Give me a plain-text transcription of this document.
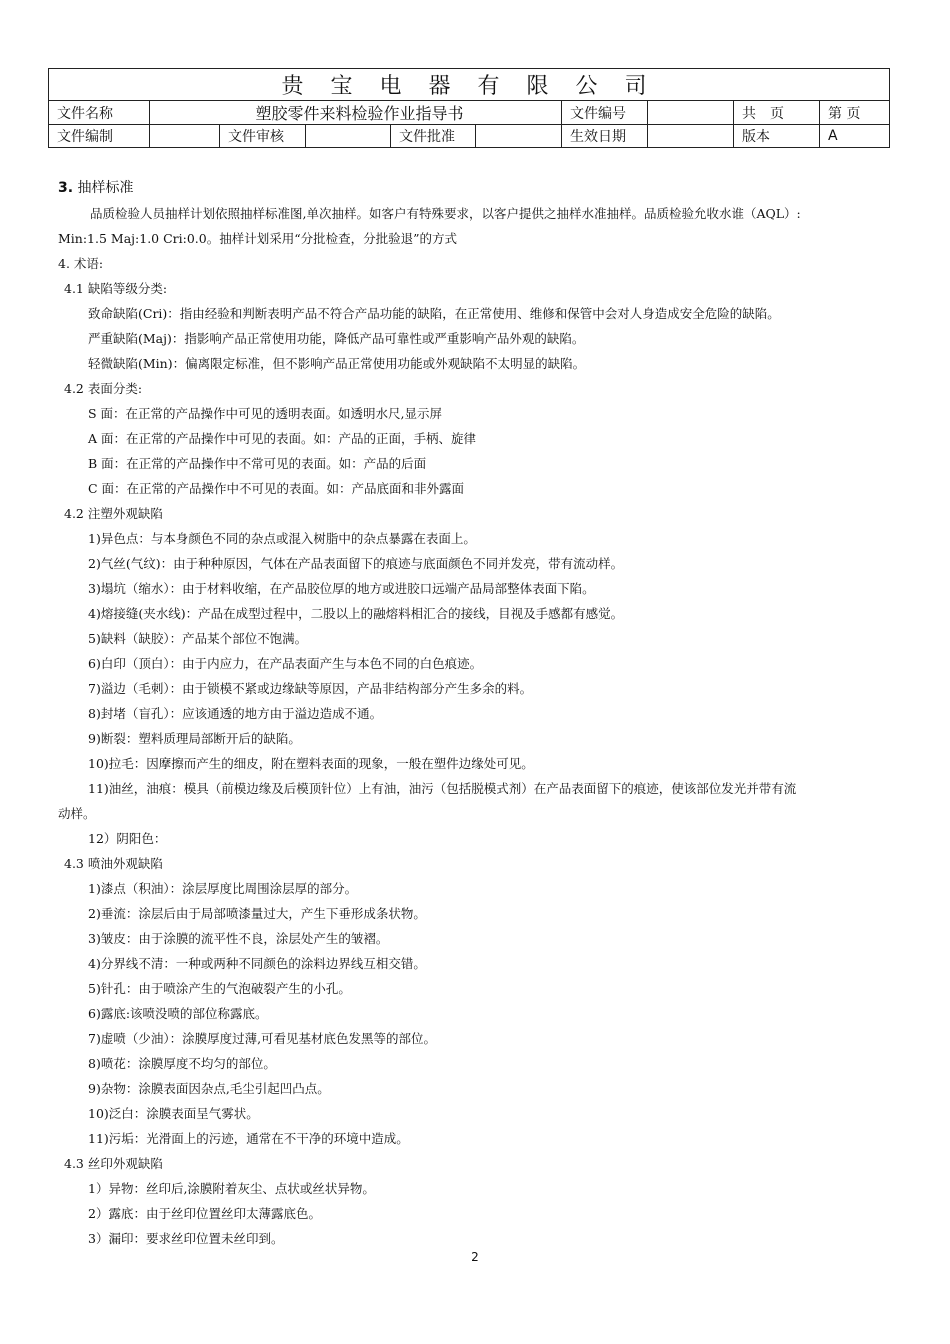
贵 宝 电 器 有 限 公 司									
文件名称	塑胶零件来料检验作业指导书					文件编号		共　页	第 页
文件编制		文件审核		文件批准		生效日期		版本	A
3. 抽样标准
品质检验人员抽样计划依照抽样标准图,单次抽样。如客户有特殊要求，以客户提供之抽样水准抽样。品质检验允收水谁（AQL）:
Min:1.5 Maj:1.0 Cri:0.0。抽样计划采用“分批检查，分批验退”的方式
4. 术语:
4.1 缺陷等级分类:
致命缺陷(Cri)：指由经验和判断表明产品不符合产品功能的缺陷，在正常使用、维修和保管中会对人身造成安全危险的缺陷。
严重缺陷(Maj)：指影响产品正常使用功能，降低产品可靠性或严重影响产品外观的缺陷。
轻微缺陷(Min)：偏离限定标准，但不影响产品正常使用功能或外观缺陷不太明显的缺陷。
4.2 表面分类:
S 面：在正常的产品操作中可见的透明表面。如透明水尺,显示屏
A 面：在正常的产品操作中可见的表面。如：产品的正面，手柄、旋律
B 面：在正常的产品操作中不常可见的表面。如：产品的后面
C 面：在正常的产品操作中不可见的表面。如：产品底面和非外露面
4.2 注塑外观缺陷
1)异色点：与本身颜色不同的杂点或混入树脂中的杂点暴露在表面上。
2)气丝(气纹)：由于种种原因，气体在产品表面留下的痕迹与底面颜色不同并发亮，带有流动样。
3)塌坑（缩水）：由于材料收缩，在产品胶位厚的地方或进胶口远端产品局部整体表面下陷。
4)熔接缝(夹水线)：产品在成型过程中，二股以上的融熔料相汇合的接线，目视及手感都有感觉。
5)缺料（缺胶）：产品某个部位不饱满。
6)白印（顶白）：由于内应力，在产品表面产生与本色不同的白色痕迹。
7)溢边（毛刺）：由于锁模不紧或边缘缺等原因，产品非结构部分产生多余的料。
8)封堵（盲孔）：应该通透的地方由于溢边造成不通。
9)断裂：塑料质理局部断开后的缺陷。
10)拉毛：因摩擦而产生的细皮，附在塑料表面的现象，一般在塑件边缘处可见。
11)油丝，油痕：模具（前模边缘及后模顶针位）上有油，油污（包括脱模式剂）在产品表面留下的痕迹，使该部位发光并带有流
动样。
12）阴阳色：
4.3 喷油外观缺陷
1)漆点（积油）：涂层厚度比周围涂层厚的部分。
2)垂流：涂层后由于局部喷漆量过大，产生下垂形成条状物。
3)皱皮：由于涂膜的流平性不良，涂层处产生的皱褶。
4)分界线不清：一种或两种不同颜色的涂料边界线互相交错。
5)针孔：由于喷涂产生的气泡破裂产生的小孔。
6)露底:该喷没喷的部位称露底。
7)虚喷（少油）：涂膜厚度过薄,可看见基材底色发黑等的部位。
8)喷花：涂膜厚度不均匀的部位。
9)杂物：涂膜表面因杂点,毛尘引起凹凸点。
10)泛白：涂膜表面呈气雾状。
11)污垢：光滑面上的污迹，通常在不干净的环境中造成。
4.3 丝印外观缺陷
1）异物：丝印后,涂膜附着灰尘、点状或丝状异物。
2）露底：由于丝印位置丝印太薄露底色。
3）漏印：要求丝印位置未丝印到。
2
